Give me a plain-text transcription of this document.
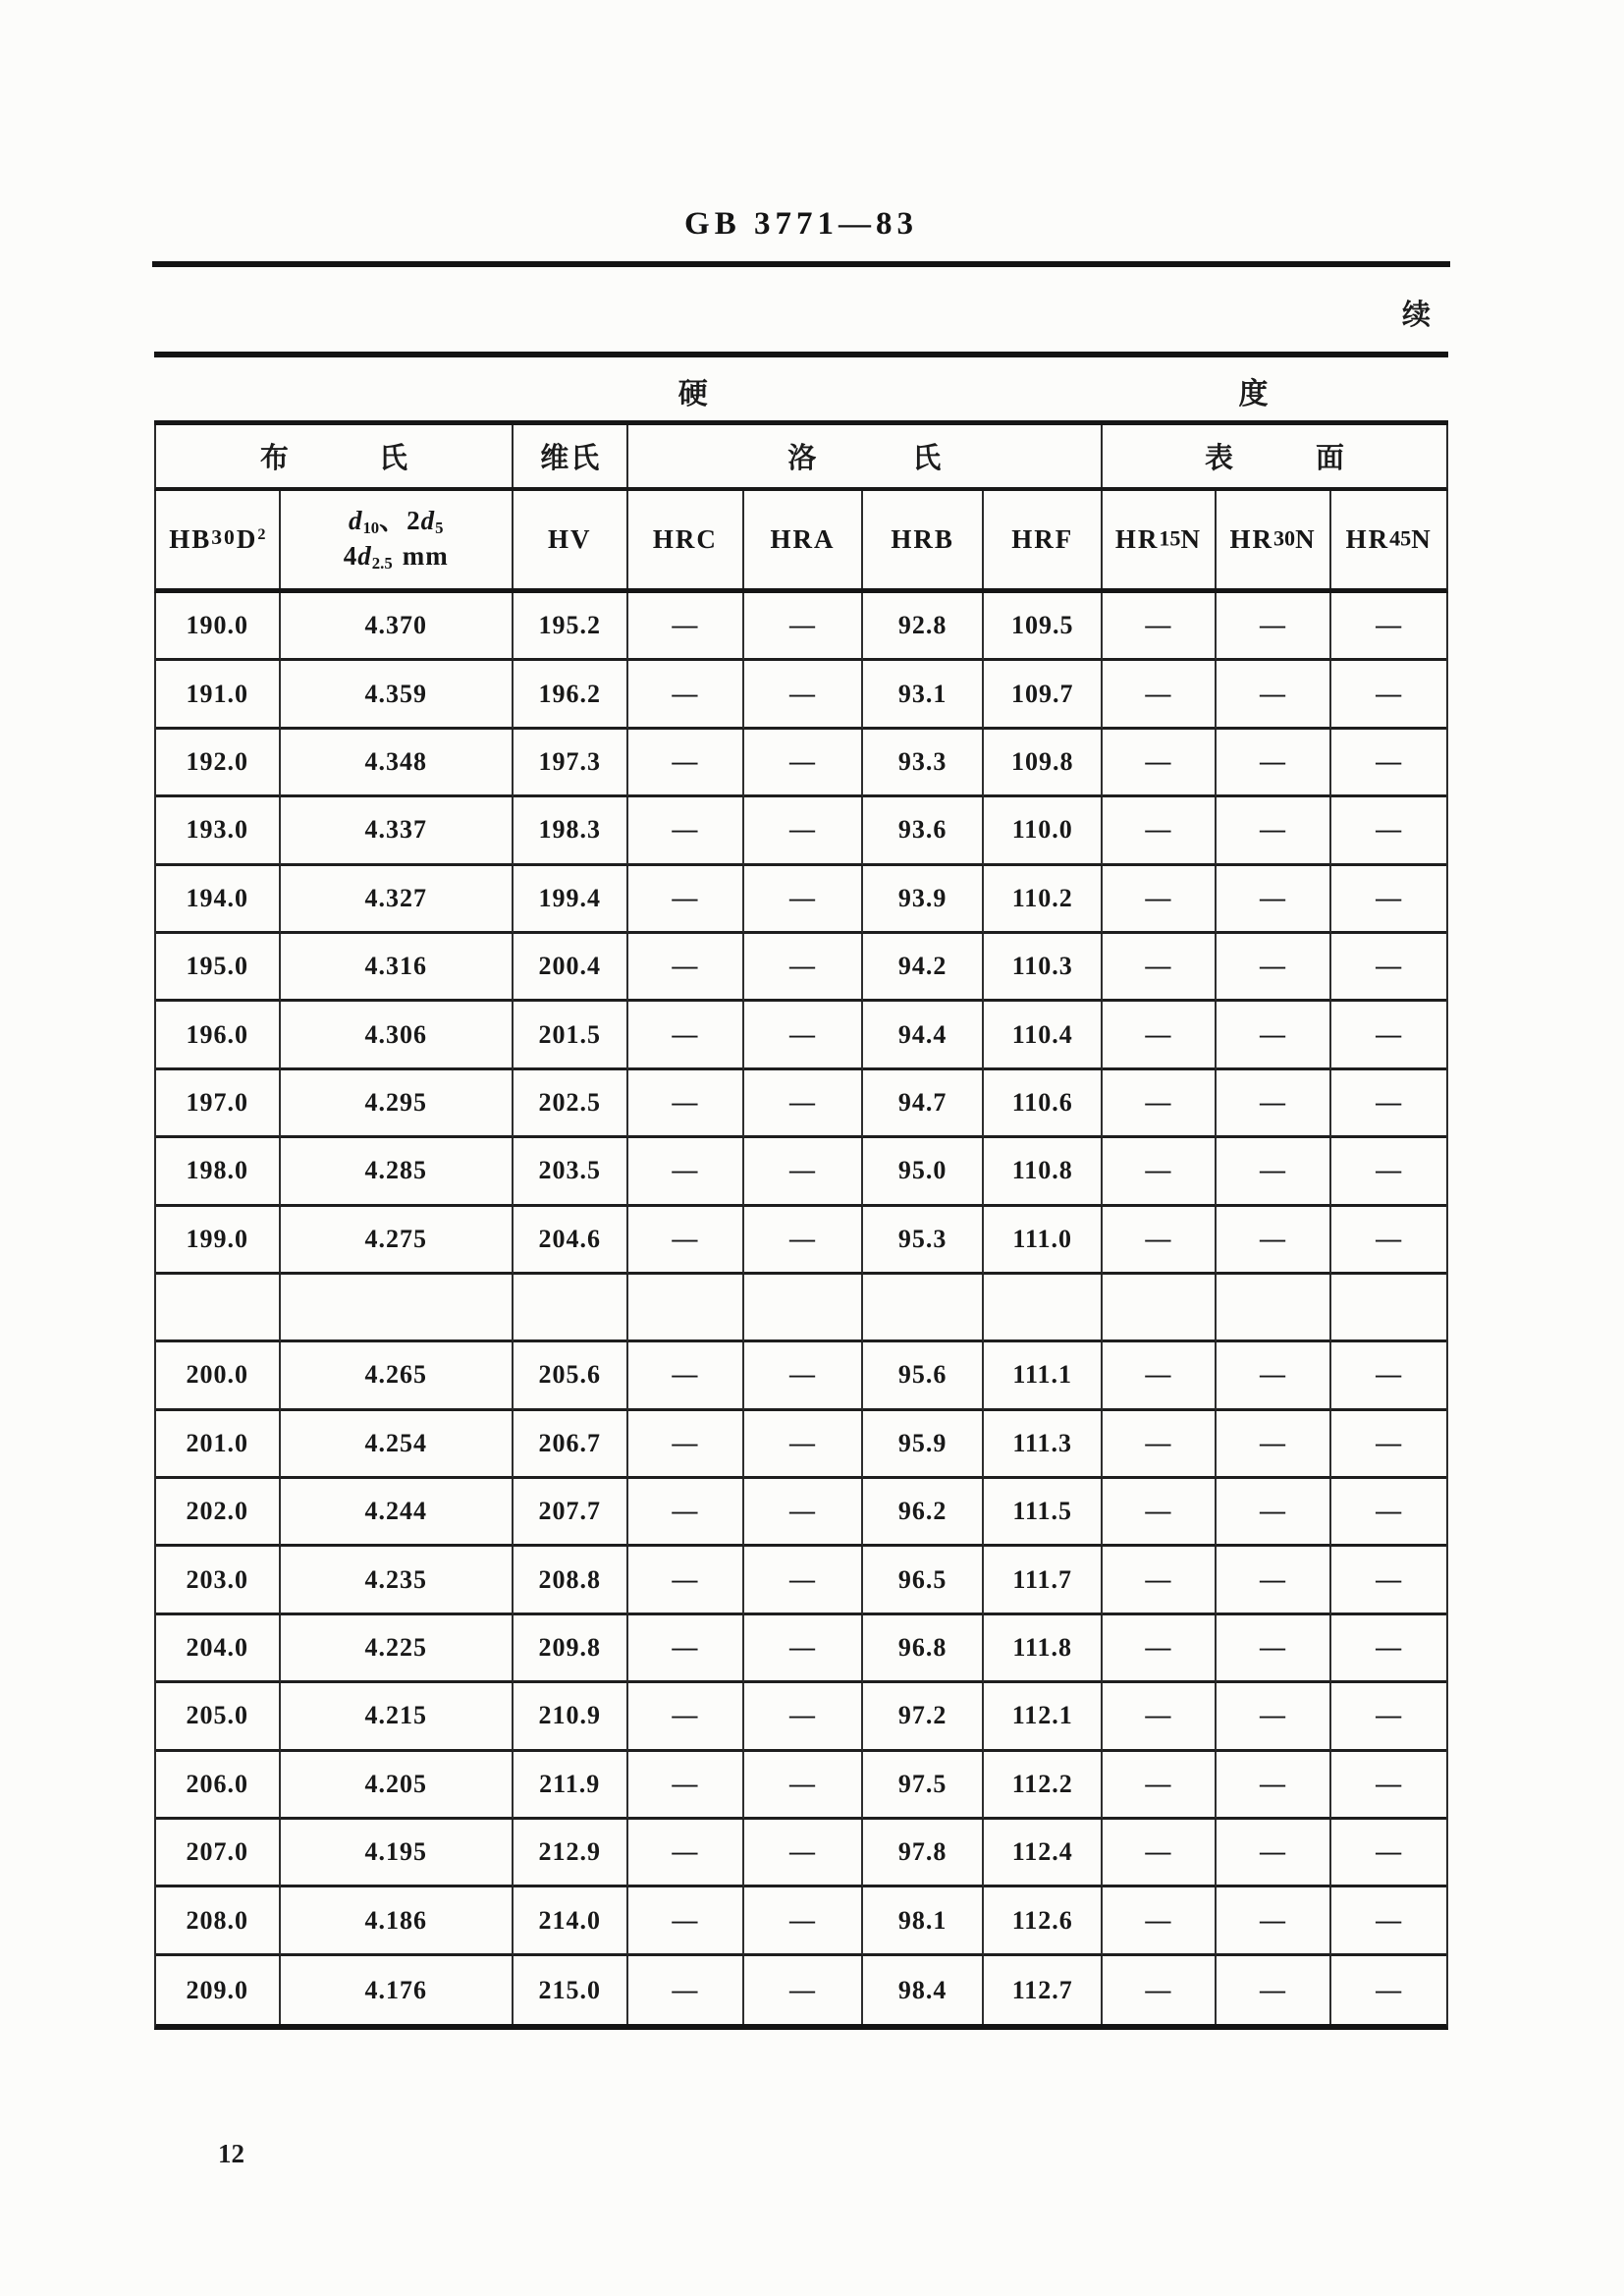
GB 3771—83
续
硬	度
布	氏	维 氏	洛	氏	表	面
$HB30D^2$	d10、2d5
4d2.5 mm
HV	HRC	HRA	HRB	HRF	HR15N HR30N HR45N
190.0	4.370	195.2	—	—	92.8	109.5	—	—	—
191.0	4.359	196.2	—	—	93.1	109.7	—	—	—
192.0	4.348	197.3	—	—	93.3	109.8	—	—	—
193.0	4.337	198.3	—	—	93.6	110.0	—	—	—
194.0	4.327	199.4	—	—	93.9	110.2	—	—	—
195.0	4.316	200.4	—	—	94.2	110.3	—	—	—
196.0	4.306	201.5	—	—	94.4	110.4	—	—	—
197.0	4.295	202.5	—	—	94.7	110.6	—	—	—
198.0	4.285	203.5	—	—	95.0	110.8	—	—	—
199.0	4.275	204.6	—	—	95.3	111.0	—	—	—
200.0	4.265	205.6	—	—	95.6	111.1	—	—	—
201.0	4.254	206.7	—	—	95.9	111.3	—	—	—
202.0	4.244	207.7	—	—	96.2	111.5	—	—	—
203.0	4.235	208.8	—	—	96.5	111.7	—	—	—
204.0	4.225	209.8	—	—	96.8	111.8	—	—	—
205.0	4.215	210.9	—	—	97.2	112.1	—	—	—
206.0	4.205	211.9	—	—	97.5	112.2	—	—	—
207.0	4.195	212.9	—	—	97.8	112.4	—	—	—
208.0	4.186	214.0	—	—	98.1	112.6	—	—	—
209.0	4.176	215.0	—	—	98.4	112.7	—	—	—
12
